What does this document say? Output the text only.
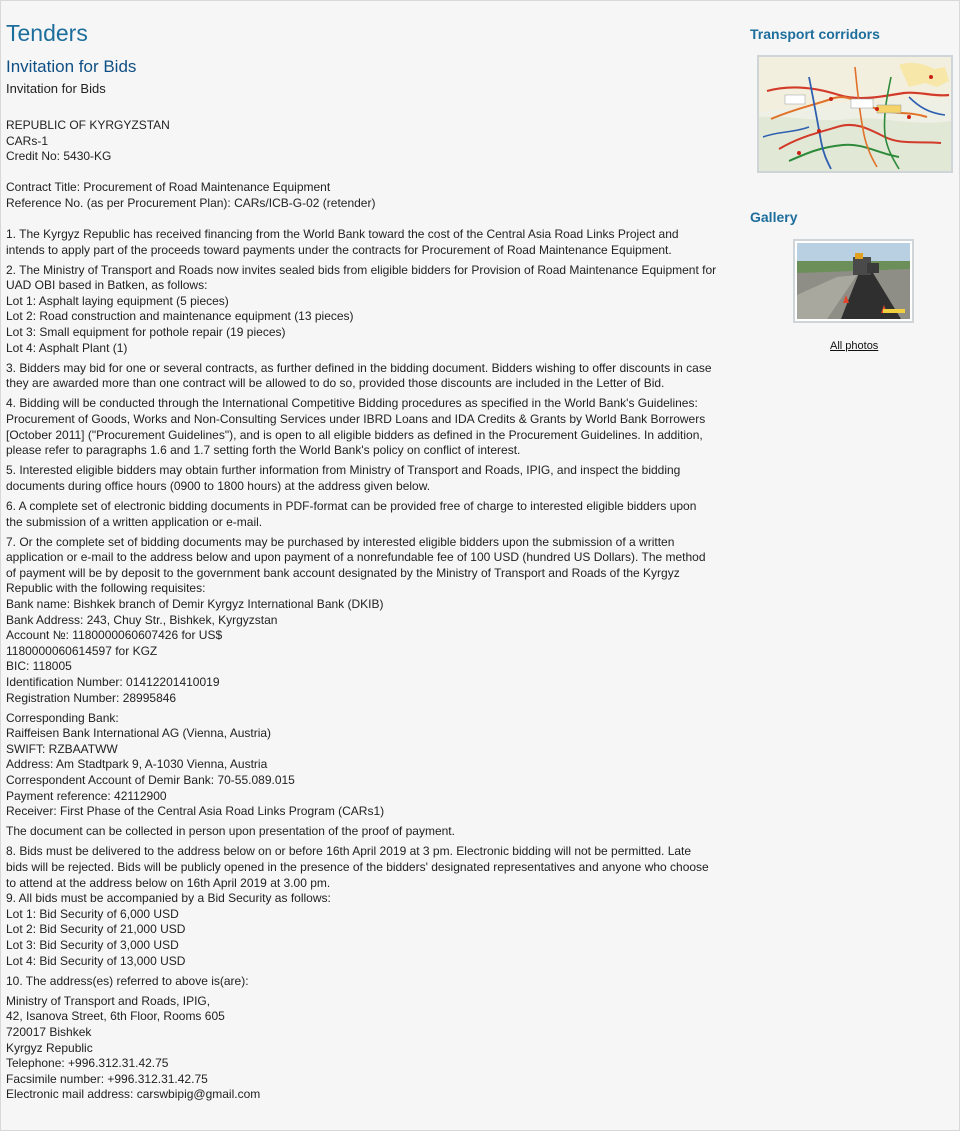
Tenders
Invitation for Bids
Invitation for Bids

REPUBLIC OF KYRGYZSTAN
CARs-1
Credit No: 5430-KG

Contract Title: Procurement of Road Maintenance Equipment
Reference No. (as per Procurement Plan): CARs/ICB-G-02 (retender)

1. The Kyrgyz Republic has received financing from the World Bank toward the cost of the Central Asia Road Links Project and
intends to apply part of the proceeds toward payments under the contracts for Procurement of Road Maintenance Equipment.

2. The Ministry of Transport and Roads now invites sealed bids from eligible bidders for Provision of Road Maintenance Equipment for
UAD OBI based in Batken, as follows:
Lot 1: Asphalt laying equipment (5 pieces)
Lot 2: Road construction and maintenance equipment (13 pieces)
Lot 3: Small equipment for pothole repair (19 pieces)
Lot 4: Asphalt Plant (1)

3. Bidders may bid for one or several contracts, as further defined in the bidding document. Bidders wishing to offer discounts in case
they are awarded more than one contract will be allowed to do so, provided those discounts are included in the Letter of Bid.

4. Bidding will be conducted through the International Competitive Bidding procedures as specified in the World Bank's Guidelines:
Procurement of Goods, Works and Non-Consulting Services under IBRD Loans and IDA Credits & Grants by World Bank Borrowers
[October 2011] ("Procurement Guidelines"), and is open to all eligible bidders as defined in the Procurement Guidelines. In addition,
please refer to paragraphs 1.6 and 1.7 setting forth the World Bank's policy on conflict of interest.

5. Interested eligible bidders may obtain further information from Ministry of Transport and Roads, IPIG, and inspect the bidding
documents during office hours (0900 to 1800 hours) at the address given below.

6. A complete set of electronic bidding documents in PDF-format can be provided free of charge to interested eligible bidders upon
the submission of a written application or e-mail.

7. Or the complete set of bidding documents may be purchased by interested eligible bidders upon the submission of a written
application or e-mail to the address below and upon payment of a nonrefundable fee of 100 USD (hundred US Dollars). The method
of payment will be by deposit to the government bank account designated by the Ministry of Transport and Roads of the Kyrgyz
Republic with the following requisites:
Bank name: Bishkek branch of Demir Kyrgyz International Bank (DKIB)
Bank Address: 243, Chuy Str., Bishkek, Kyrgyzstan
Account №: 1180000060607426 for US$
1180000060614597 for KGZ
BIC: 118005
Identification Number: 01412201410019
Registration Number: 28995846

Corresponding Bank:
Raiffeisen Bank International AG (Vienna, Austria)
SWIFT: RZBAATWW
Address: Am Stadtpark 9, A-1030 Vienna, Austria
Correspondent Account of Demir Bank: 70-55.089.015
Payment reference: 42112900
Receiver: First Phase of the Central Asia Road Links Program (CARs1)

The document can be collected in person upon presentation of the proof of payment.

8. Bids must be delivered to the address below on or before 16th April 2019 at 3 pm. Electronic bidding will not be permitted. Late
bids will be rejected. Bids will be publicly opened in the presence of the bidders' designated representatives and anyone who choose
to attend at the address below on 16th April 2019 at 3.00 pm.
9. All bids must be accompanied by a Bid Security as follows:
Lot 1: Bid Security of 6,000 USD
Lot 2: Bid Security of 21,000 USD
Lot 3: Bid Security of 3,000 USD
Lot 4: Bid Security of 13,000 USD

10. The address(es) referred to above is(are):

Ministry of Transport and Roads, IPIG,
42, Isanova Street, 6th Floor, Rooms 605
720017 Bishkek
Kyrgyz Republic
Telephone: +996.312.31.42.75
Facsimile number: +996.312.31.42.75
Electronic mail address: carswbipig@gmail.com

Transport corridors
Gallery
All photos
